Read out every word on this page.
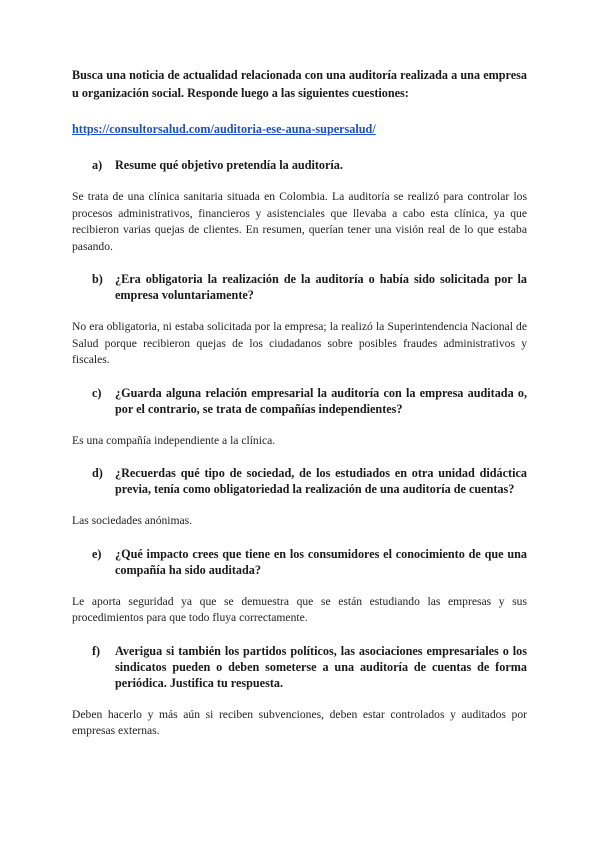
Busca una noticia de actualidad relacionada con una auditoría realizada a una empresa u organización social. Responde luego a las siguientes cuestiones:

https://consultorsalud.com/auditoria-ese-auna-supersalud/
a)	Resume qué objetivo pretendía la auditoría.

Se trata de una clínica sanitaria situada en Colombia. La auditoría se realizó para controlar los procesos administrativos, financieros y asistenciales que llevaba a cabo esta clínica, ya que recibieron varias quejas de clientes. En resumen, querían tener una visión real de lo que estaba pasando.

b) ¿Era obligatoria la realización de la auditoría o había sido solicitada por la empresa voluntariamente?

No era obligatoria, ni estaba solicitada por la empresa; la realizó la Superintendencia Nacional de Salud porque recibieron quejas de los ciudadanos sobre posibles fraudes administrativos y fiscales.

c)	¿Guarda alguna relación empresarial la auditoría con la empresa auditada o, por el contrario, se trata de compañías independientes?

Es una compañía independiente a la clínica.

d) ¿Recuerdas qué tipo de sociedad, de los estudiados en otra unidad didáctica previa, tenía como obligatoriedad la realización de una auditoría de cuentas?

Las sociedades anónimas.

e)	¿Qué impacto crees que tiene en los consumidores el conocimiento de que una compañía ha sido auditada?

Le aporta seguridad ya que se demuestra que se están estudiando las empresas y sus procedimientos para que todo fluya correctamente.

f)	Averigua si también los partidos políticos, las asociaciones empresariales o los sindicatos pueden o deben someterse a una auditoría de cuentas de forma periódica. Justifica tu respuesta.

Deben hacerlo y más aún si reciben subvenciones, deben estar controlados y auditados por empresas externas.
